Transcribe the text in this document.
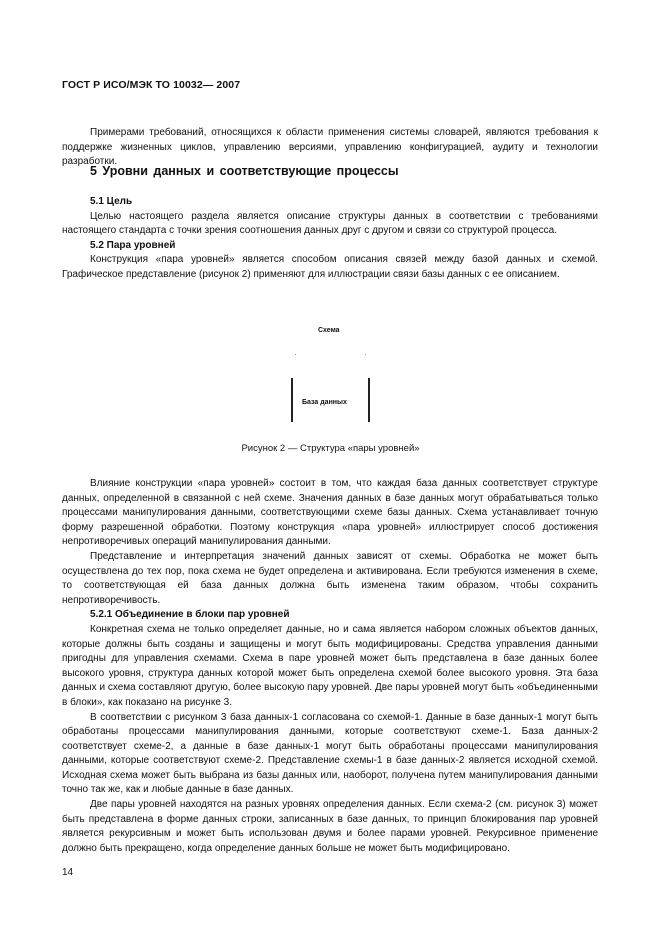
ГОСТ Р ИСО/МЭК ТО 10032— 2007

Примерами требований, относящихся к области применения системы словарей, являются требования к поддержке жизненных циклов, управлению версиями, управлению конфигурацией, аудиту и технологии разработки.

5 Уровни данных и соответствующие процессы

5.1 Цель

Целью настоящего раздела является описание структуры данных в соответствии с требованиями настоящего стандарта с точки зрения соотношения данных друг с другом и связи со структурой процесса.

5.2 Пара уровней

Конструкция «пара уровней» является способом описания связей между базой данных и схемой. Графическое представление (рисунок 2) применяют для иллюстрации связи базы данных с ее описанием.

Схема
База данных
Рисунок 2 — Структура «пары уровней»

Влияние конструкции «пара уровней» состоит в том, что каждая база данных соответствует структуре данных, определенной в связанной с ней схеме. Значения данных в базе данных могут обрабатываться только процессами манипулирования данными, соответствующими схеме базы данных. Схема устанавливает точную форму разрешенной обработки. Поэтому конструкция «пара уровней» иллюстрирует способ достижения непротиворечивых операций манипулирования данными.

Представление и интерпретация значений данных зависят от схемы. Обработка не может быть осуществлена до тех пор, пока схема не будет определена и активирована. Если требуются изменения в схеме, то соответствующая ей база данных должна быть изменена таким образом, чтобы сохранить непротиворечивость.

5.2.1 Объединение в блоки пар уровней

Конкретная схема не только определяет данные, но и сама является набором сложных объектов данных, которые должны быть созданы и защищены и могут быть модифицированы. Средства управления данными пригодны для управления схемами. Схема в паре уровней может быть представлена в базе данных более высокого уровня, структура данных которой может быть определена схемой более высокого уровня. Эта база данных и схема составляют другую, более высокую пару уровней. Две пары уровней могут быть «объединенными в блоки», как показано на рисунке 3.

В соответствии с рисунком 3 база данных-1 согласована со схемой-1. Данные в базе данных-1 могут быть обработаны процессами манипулирования данными, которые соответствуют схеме-1. База данных-2 соответствует схеме-2, а данные в базе данных-1 могут быть обработаны процессами манипулирования данными, которые соответствуют схеме-2. Представление схемы-1 в базе данных-2 является исходной схемой. Исходная схема может быть выбрана из базы данных или, наоборот, получена путем манипулирования данными точно так же, как и любые данные в базе данных.

Две пары уровней находятся на разных уровнях определения данных. Если схема-2 (см. рисунок 3) может быть представлена в форме данных строки, записанных в базе данных, то принцип блокирования пар уровней является рекурсивным и может быть использован двумя и более парами уровней. Рекурсивное применение должно быть прекращено, когда определение данных больше не может быть модифицировано.

14
